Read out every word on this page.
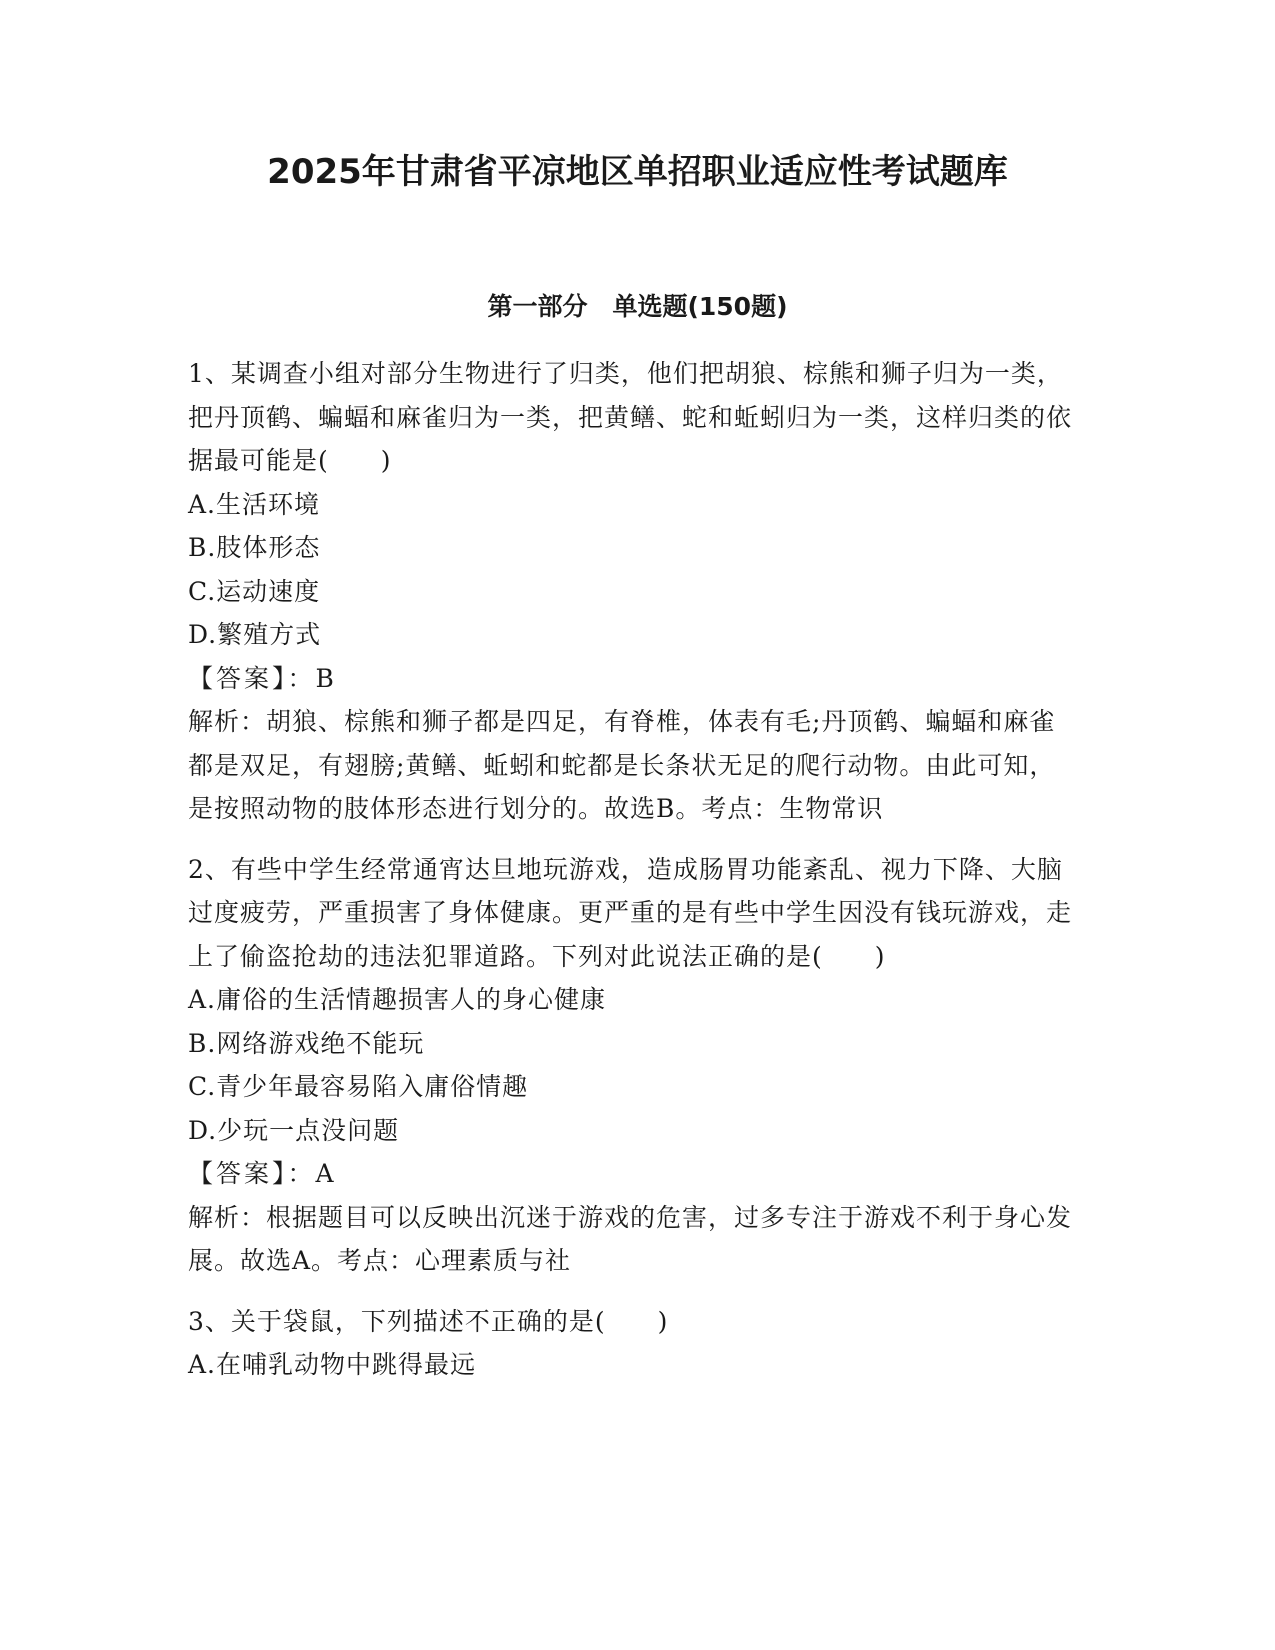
2025年甘肃省平凉地区单招职业适应性考试题库
第一部分　单选题(150题)

1、某调查小组对部分生物进行了归类，他们把胡狼、棕熊和狮子归为一类，把丹顶鹤、蝙蝠和麻雀归为一类，把黄鳝、蛇和蚯蚓归为一类，这样归类的依据最可能是(　　)

A.生活环境

B.肢体形态

C.运动速度

D.繁殖方式

【答案】：B

解析：胡狼、棕熊和狮子都是四足，有脊椎，体表有毛;丹顶鹤、蝙蝠和麻雀都是双足，有翅膀;黄鳝、蚯蚓和蛇都是长条状无足的爬行动物。由此可知，是按照动物的肢体形态进行划分的。故选B。考点：生物常识

2、有些中学生经常通宵达旦地玩游戏，造成肠胃功能紊乱、视力下降、大脑过度疲劳，严重损害了身体健康。更严重的是有些中学生因没有钱玩游戏，走上了偷盗抢劫的违法犯罪道路。下列对此说法正确的是(　　)

A.庸俗的生活情趣损害人的身心健康

B.网络游戏绝不能玩

C.青少年最容易陷入庸俗情趣

D.少玩一点没问题

【答案】：A

解析：根据题目可以反映出沉迷于游戏的危害，过多专注于游戏不利于身心发展。故选A。考点：心理素质与社

3、关于袋鼠，下列描述不正确的是(　　)

A.在哺乳动物中跳得最远
